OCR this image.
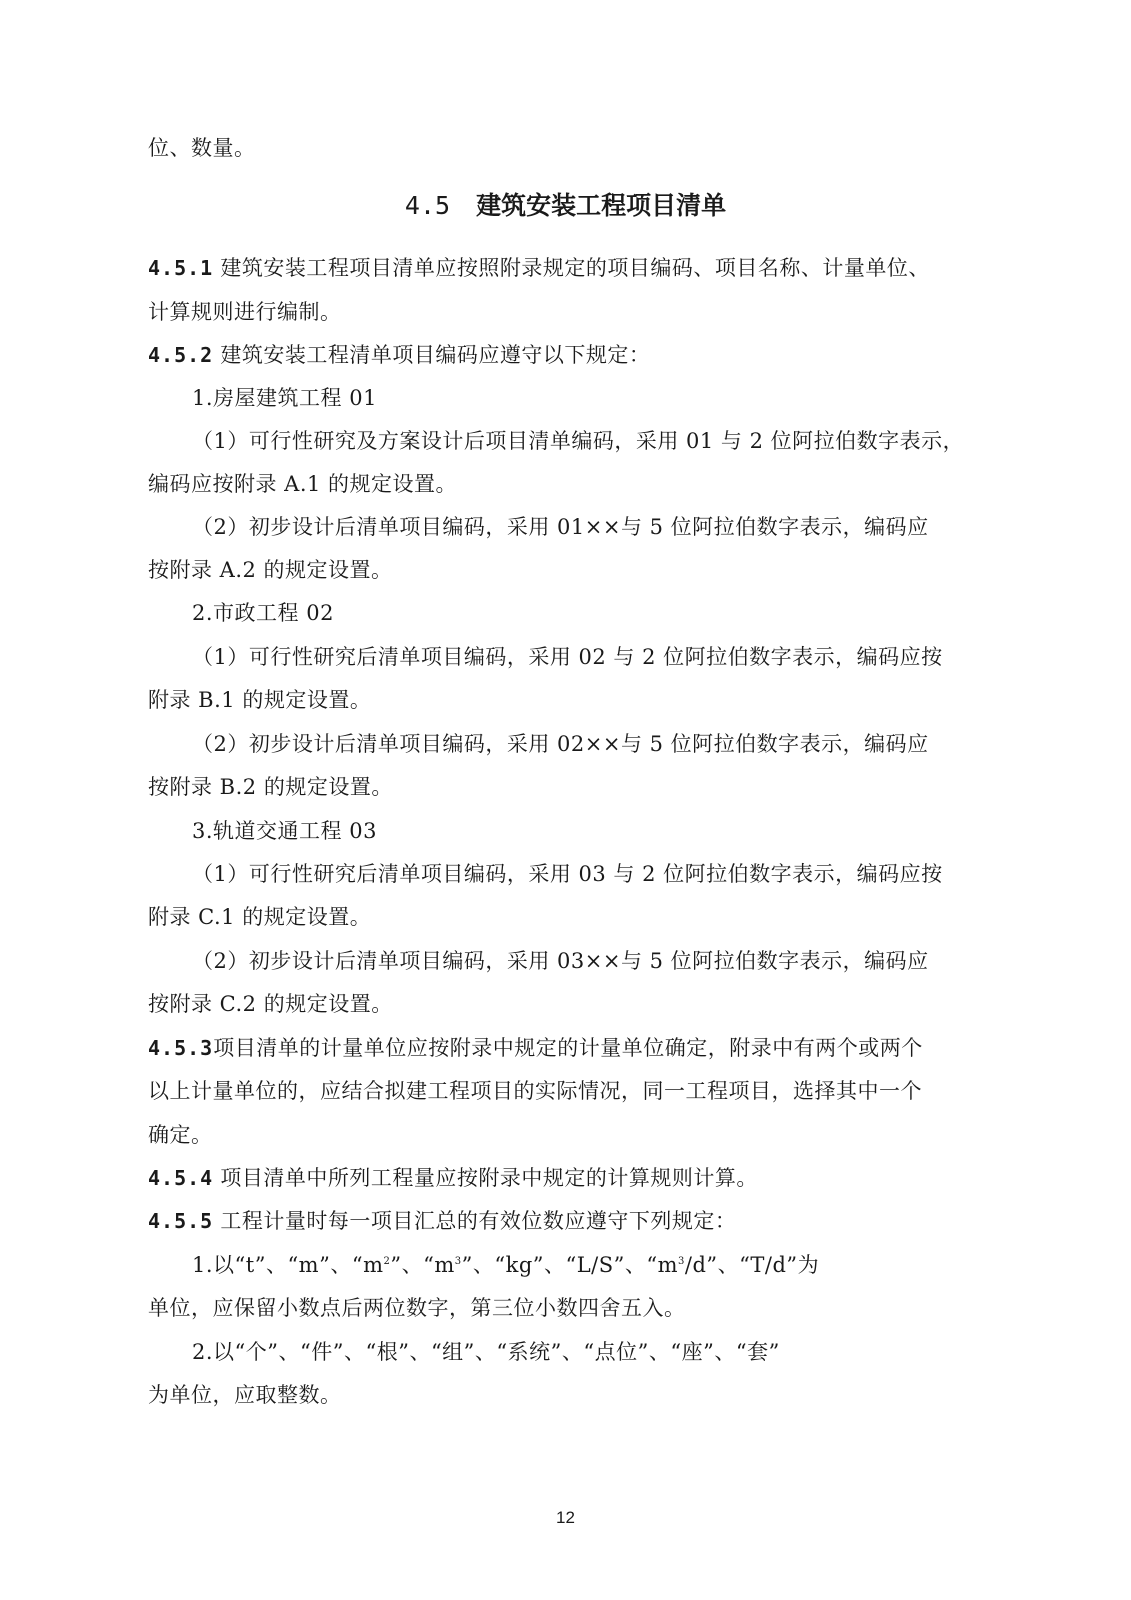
位、数量。
4.5 建筑安装工程项目清单
4.5.1 建筑安装工程项目清单应按照附录规定的项目编码、项目名称、计量单位、
计算规则进行编制。
4.5.2 建筑安装工程清单项目编码应遵守以下规定：
1.房屋建筑工程 01
（1）可行性研究及方案设计后项目清单编码，采用 01 与 2 位阿拉伯数字表示，
编码应按附录 A.1 的规定设置。
（2）初步设计后清单项目编码，采用 01××与 5 位阿拉伯数字表示，编码应
按附录 A.2 的规定设置。
2.市政工程 02
（1）可行性研究后清单项目编码，采用 02 与 2 位阿拉伯数字表示，编码应按
附录 B.1 的规定设置。
（2）初步设计后清单项目编码，采用 02××与 5 位阿拉伯数字表示，编码应
按附录 B.2 的规定设置。
3.轨道交通工程 03
（1）可行性研究后清单项目编码，采用 03 与 2 位阿拉伯数字表示，编码应按
附录 C.1 的规定设置。
（2）初步设计后清单项目编码，采用 03××与 5 位阿拉伯数字表示，编码应
按附录 C.2 的规定设置。
4.5.3项目清单的计量单位应按附录中规定的计量单位确定，附录中有两个或两个
以上计量单位的，应结合拟建工程项目的实际情况，同一工程项目，选择其中一个
确定。
4.5.4 项目清单中所列工程量应按附录中规定的计算规则计算。
4.5.5 工程计量时每一项目汇总的有效位数应遵守下列规定：
1.以“t”、“m”、“$m^2$”、“$m^3$”、“kg”、“L/S”、“$m^3/d$”、“T/d”为
单位，应保留小数点后两位数字，第三位小数四舍五入。
2.以“个”、“件”、“根”、“组”、“系统”、“点位”、“座”、“套”
为单位，应取整数。
12
